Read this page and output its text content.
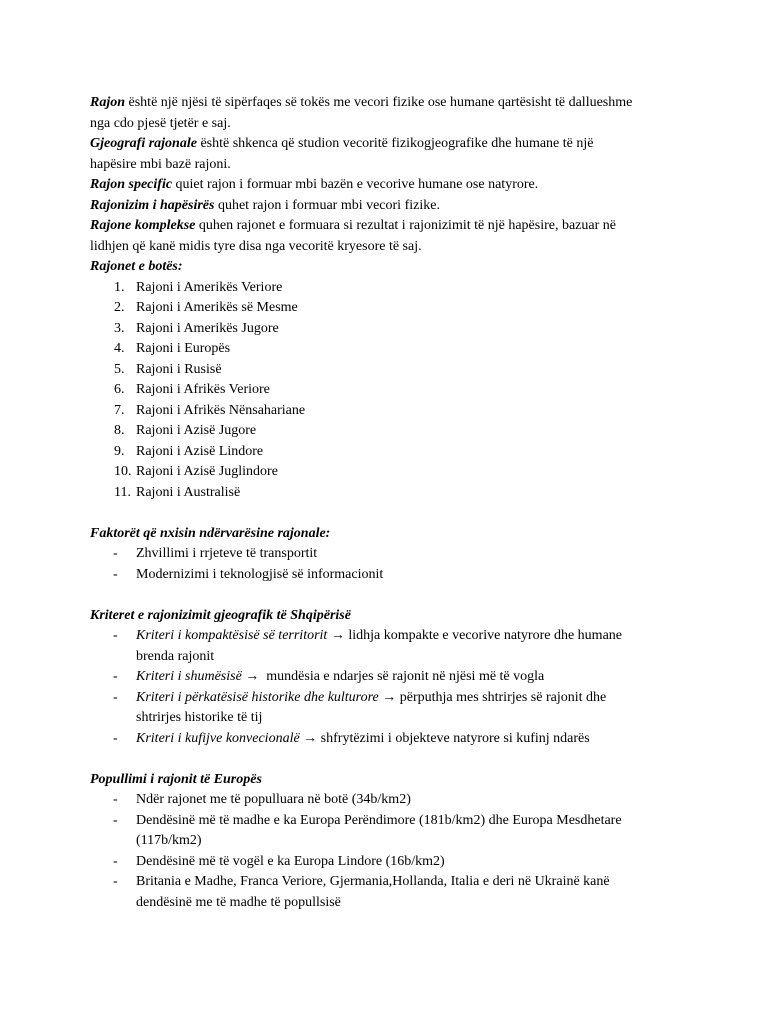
Rajon është një njësi të sipërfaqes së tokës me vecori fizike ose humane qartësisht të dallueshme
nga cdo pjesë tjetër e saj.
Gjeografi rajonale është shkenca që studion vecoritë fizikogjeografike dhe humane të një
hapësire mbi bazë rajoni.
Rajon specific quiet rajon i formuar mbi bazën e vecorive humane ose natyrore.
Rajonizim i hapësirës quhet rajon i formuar mbi vecori fizike.
Rajone komplekse quhen rajonet e formuara si rezultat i rajonizimit të një hapësire, bazuar në
lidhjen që kanë midis tyre disa nga vecoritë kryesore të saj.
Rajonet e botës:
1. Rajoni i Amerikës Veriore
2. Rajoni i Amerikës së Mesme
3. Rajoni i Amerikës Jugore
4. Rajoni i Europës
5. Rajoni i Rusisë
6. Rajoni i Afrikës Veriore
7. Rajoni i Afrikës Nënsahariane
8. Rajoni i Azisë Jugore
9. Rajoni i Azisë Lindore
10. Rajoni i Azisë Juglindore
11. Rajoni i Australisë
Faktorët që nxisin ndërvarësine rajonale:
- Zhvillimi i rrjeteve të transportit
- Modernizimi i teknologjisë së informacionit
Kriteret e rajonizimit gjeografik të Shqipërisë
- Kriteri i kompaktësisë së territorit → lidhja kompakte e vecorive natyrore dhe humane
brenda rajonit
- Kriteri i shumësisë →  mundësia e ndarjes së rajonit në njësi më të vogla
- Kriteri i përkatësisë historike dhe kulturore → përputhja mes shtrirjes së rajonit dhe
shtrirjes historike të tij
- Kriteri i kufijve konvecionalë → shfrytëzimi i objekteve natyrore si kufinj ndarës
Popullimi i rajonit të Europës
- Ndër rajonet me të populluara në botë (34b/km2)
- Dendësinë më të madhe e ka Europa Perëndimore (181b/km2) dhe Europa Mesdhetare
(117b/km2)
- Dendësinë më të vogël e ka Europa Lindore (16b/km2)
- Britania e Madhe, Franca Veriore, Gjermania,Hollanda, Italia e deri në Ukrainë kanë
dendësinë me të madhe të popullsisë
